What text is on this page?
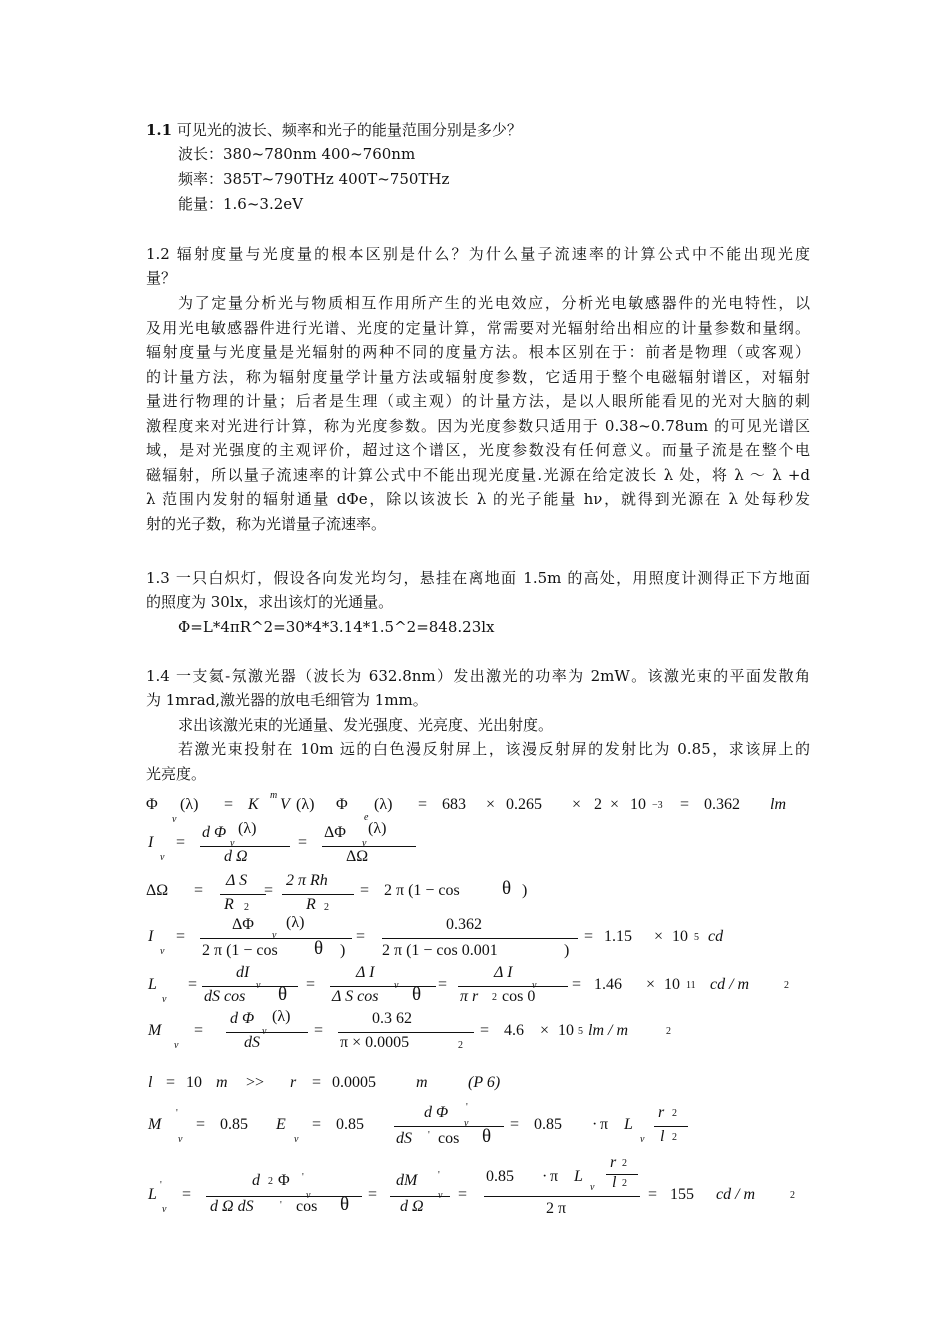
1.1 可见光的波长、频率和光子的能量范围分别是多少？
波长：380~780nm 400~760nm
频率：385T~790THz 400T~750THz
能量：1.6~3.2eV
1.2 辐射度量与光度量的根本区别是什么？为什么量子流速率的计算公式中不能出现光度
量？
为了定量分析光与物质相互作用所产生的光电效应，分析光电敏感器件的光电特性，以
及用光电敏感器件进行光谱、光度的定量计算，常需要对光辐射给出相应的计量参数和量纲。
辐射度量与光度量是光辐射的两种不同的度量方法。根本区别在于：前者是物理（或客观）
的计量方法，称为辐射度量学计量方法或辐射度参数，它适用于整个电磁辐射谱区，对辐射
量进行物理的计量；后者是生理（或主观）的计量方法，是以人眼所能看见的光对大脑的刺
激程度来对光进行计算，称为光度参数。因为光度参数只适用于 0.38~0.78um 的可见光谱区
域，是对光强度的主观评价，超过这个谱区，光度参数没有任何意义。而量子流是在整个电
磁辐射，所以量子流速率的计算公式中不能出现光度量.光源在给定波长 λ 处，将 λ ～ λ +d
λ 范围内发射的辐射通量 dΦe，除以该波长 λ 的光子能量 hν，就得到光源在 λ 处每秒发
射的光子数，称为光谱量子流速率。
1.3 一只白炽灯，假设各向发光均匀，悬挂在离地面 1.5m 的高处，用照度计测得正下方地面
的照度为 30lx，求出该灯的光通量。
Φ=L*4πR^2=30*4*3.14*1.5^2=848.23lx
1.4 一支氦-氖激光器（波长为 632.8nm）发出激光的功率为 2mW。该激光束的平面发散角
为 1mrad,激光器的放电毛细管为 1mm。
求出该激光束的光通量、发光强度、光亮度、光出射度。
若激光束投射在 10m 远的白色漫反射屏上，该漫反射屏的发射比为 0.85，求该屏上的
光亮度。
Φ
v
(λ) = K
m
V (λ) Φ
e
(λ) = 683 × 0.265 × 2 × 10 −3 = 0.362 lm
I
v
=
d Φ (λ)
v
d Ω
=
ΔΦ (λ)
v
ΔΩ
ΔΩ =
Δ S
R 2
=
2 π Rh
R 2
= 2 π (1 − cos θ )
I
v
=
ΔΦ (λ)
v
2 π (1 − cos θ )
=
0.362
2 π (1 − cos 0.001	)
= 1.15 × 10 5 cd
L
v
=
dI
v
dS cos θ =
Δ I
v
Δ S cos θ =
Δ I
v
π r 2 cos 0
= 1.46 × 10 11 cd / m	2
M
v
=
d Φ (λ)
v
dS
=
0.3 62
π × 0.0005	2
= 4.6 × 10 5 lm / m	2
l = 10 m >> r = 0.0005	m	(P 6)
M
'
v
= 0.85 E
v
= 0.85
d Φ '
v
dS ' cos θ
= 0.85 · π L
v
r 2
l 2
L
'
v
=
d 2 Φ '
v
d Ω dS	' cos θ =
dM '
v
d Ω
=
0.85 · π L
v
r 2
l 2
2 π
= 155 cd / m	2
